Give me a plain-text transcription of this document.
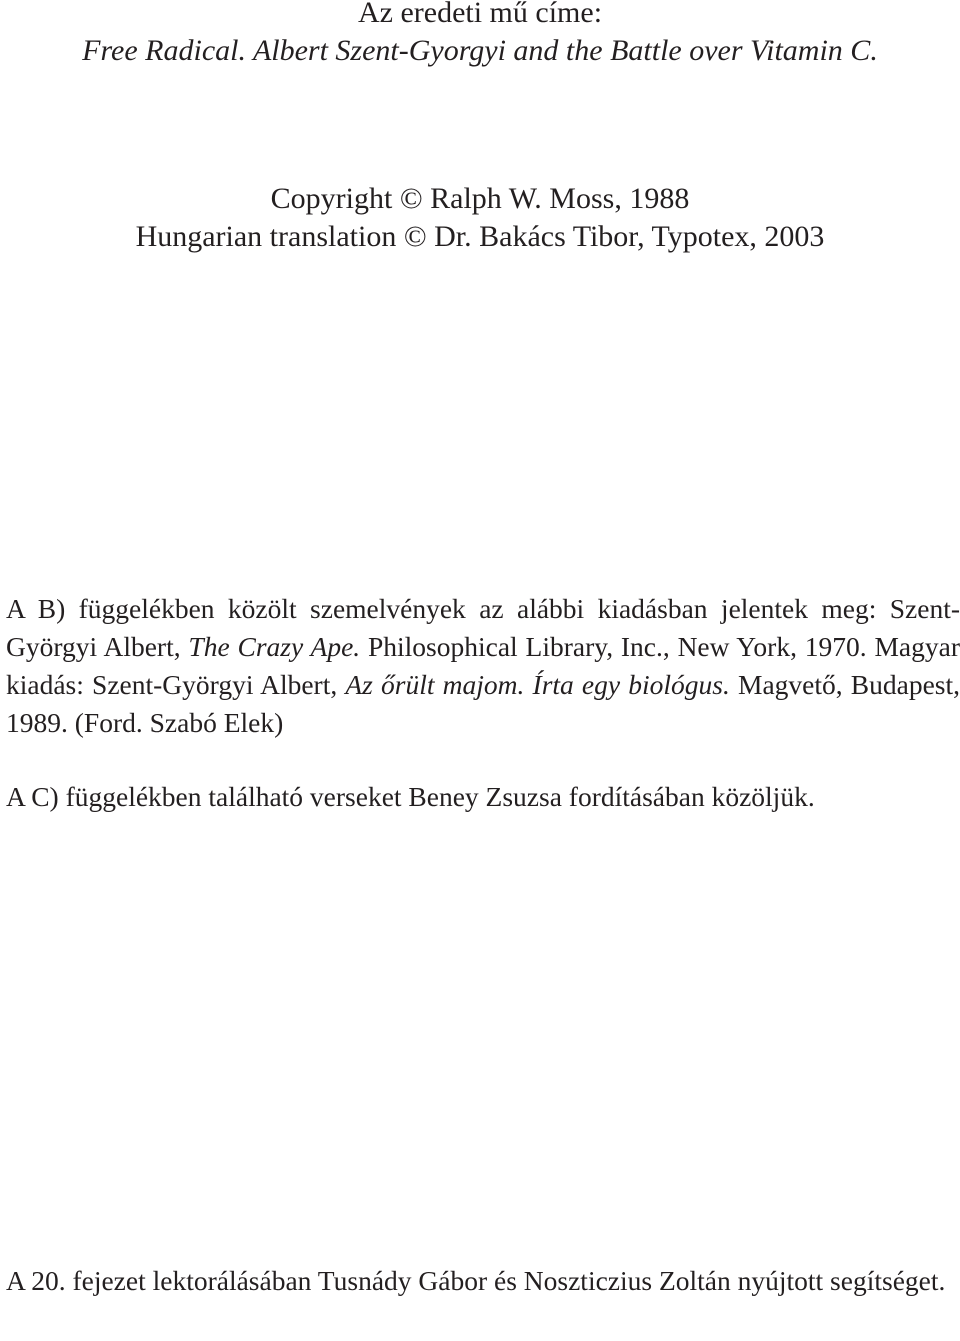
Az eredeti mű címe:
Free Radical. Albert Szent-Gyorgyi and the Battle over Vitamin C.
Copyright © Ralph W. Moss, 1988
Hungarian translation © Dr. Bakács Tibor, Typotex, 2003

A B) függelékben közölt szemelvények az alábbi kiadásban jelentek meg: Szent-Györgyi Albert, The Crazy Ape. Philosophical Library, Inc., New York, 1970. Magyar kiadás: Szent-Györgyi Albert, Az őrült majom. Írta egy biológus. Magvető, Budapest, 1989. (Ford. Szabó Elek)

A C) függelékben található verseket Beney Zsuzsa fordításában közöljük.

A 20. fejezet lektorálásában Tusnády Gábor és Noszticzius Zoltán nyújtott segítséget.
